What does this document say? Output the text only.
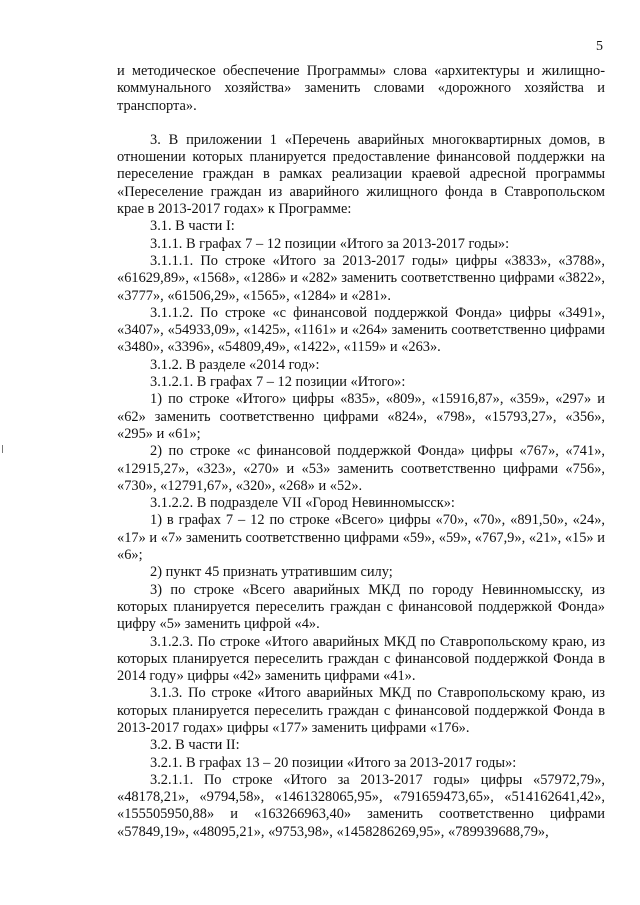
5

и методическое обеспечение Программы» слова «архитектуры и жилищно-коммунального хозяйства» заменить словами «дорожного хозяйства и транспорта».

3. В приложении 1 «Перечень аварийных многоквартирных домов, в отношении которых планируется предоставление финансовой поддержки на переселение граждан в рамках реализации краевой адресной программы «Переселение граждан из аварийного жилищного фонда в Ставропольском крае в 2013-2017 годах» к Программе:

3.1. В части I:

3.1.1. В графах 7 – 12 позиции «Итого за 2013-2017 годы»:

3.1.1.1. По строке «Итого за 2013-2017 годы» цифры «3833», «3788», «61629,89», «1568», «1286» и «282» заменить соответственно цифрами «3822», «3777», «61506,29», «1565», «1284» и «281».

3.1.1.2. По строке «с финансовой поддержкой Фонда» цифры «3491», «3407», «54933,09», «1425», «1161» и «264» заменить соответственно цифрами «3480», «3396», «54809,49», «1422», «1159» и «263».

3.1.2. В разделе «2014 год»:

3.1.2.1. В графах 7 – 12 позиции «Итого»:

1) по строке «Итого» цифры «835», «809», «15916,87», «359», «297» и «62» заменить соответственно цифрами «824», «798», «15793,27», «356», «295» и «61»;

2) по строке «с финансовой поддержкой Фонда» цифры «767», «741», «12915,27», «323», «270» и «53» заменить соответственно цифрами «756», «730», «12791,67», «320», «268» и «52».

3.1.2.2. В подразделе VII «Город Невинномысск»:

1) в графах 7 – 12 по строке «Всего» цифры «70», «70», «891,50», «24», «17» и «7» заменить соответственно цифрами «59», «59», «767,9», «21», «15» и «6»;

2) пункт 45 признать утратившим силу;

3) по строке «Всего аварийных МКД по городу Невинномысску, из которых планируется переселить граждан с финансовой поддержкой Фонда» цифру «5» заменить цифрой «4».

3.1.2.3. По строке «Итого аварийных МКД по Ставропольскому краю, из которых планируется переселить граждан с финансовой поддержкой Фонда в 2014 году» цифры «42» заменить цифрами «41».

3.1.3. По строке «Итого аварийных МКД по Ставропольскому краю, из которых планируется переселить граждан с финансовой поддержкой Фонда в 2013-2017 годах» цифры «177» заменить цифрами «176».

3.2. В части II:

3.2.1. В графах 13 – 20 позиции «Итого за 2013-2017 годы»:

3.2.1.1. По строке «Итого за 2013-2017 годы» цифры «57972,79», «48178,21», «9794,58», «1461328065,95», «791659473,65», «514162641,42», «155505950,88» и «163266963,40» заменить соответственно цифрами «57849,19», «48095,21», «9753,98», «1458286269,95», «789939688,79»,
